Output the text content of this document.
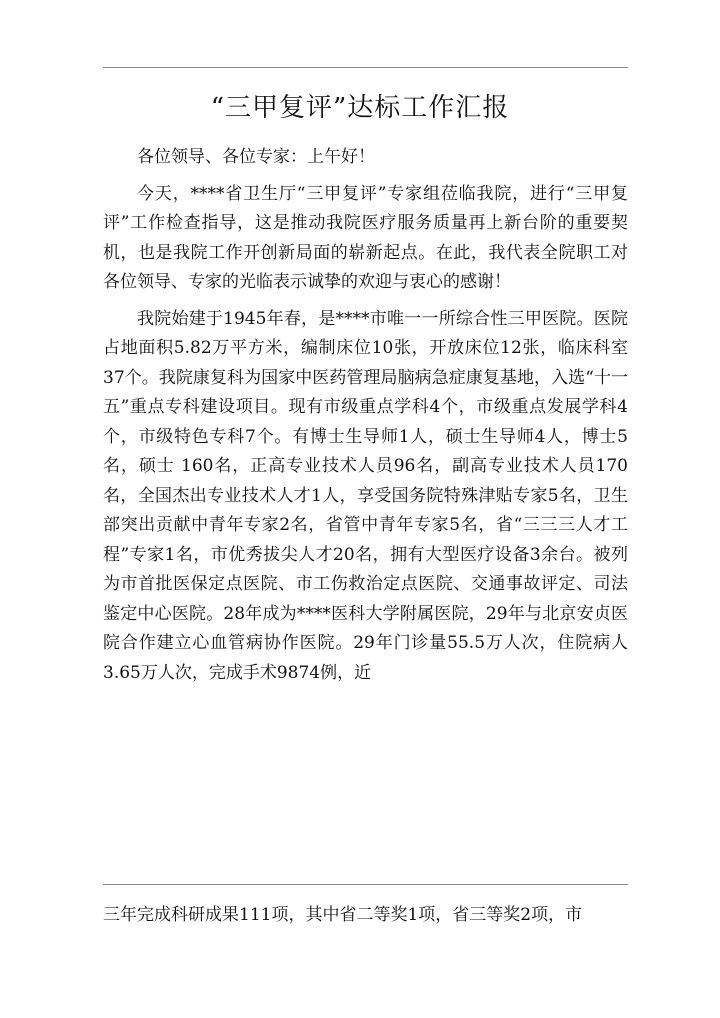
“三甲复评”达标工作汇报

各位领导、各位专家：上午好！

今天，****省卫生厅“三甲复评”专家组莅临我院，进行“三甲复评”工作检查指导，这是推动我院医疗服务质量再上新台阶的重要契机，也是我院工作开创新局面的崭新起点。在此，我代表全院职工对各位领导、专家的光临表示诚挚的欢迎与衷心的感谢！

我院始建于1945年春，是****市唯一一所综合性三甲医院。医院占地面积5.82万平方米，编制床位10张，开放床位12张，临床科室37个。我院康复科为国家中医药管理局脑病急症康复基地，入选“十一五”重点专科建设项目。现有市级重点学科4个，市级重点发展学科4个，市级特色专科7个。有博士生导师1人，硕士生导师4人，博士5名，硕士 160名，正高专业技术人员96名，副高专业技术人员170名，全国杰出专业技术人才1人，享受国务院特殊津贴专家5名，卫生部突出贡献中青年专家2名，省管中青年专家5名，省“三三三人才工程”专家1名，市优秀拔尖人才20名，拥有大型医疗设备3余台。被列为市首批医保定点医院、市工伤救治定点医院、交通事故评定、司法鉴定中心医院。28年成为****医科大学附属医院，29年与北京安贞医院合作建立心血管病协作医院。29年门诊量55.5万人次，住院病人3.65万人次，完成手术9874例，近

三年完成科研成果111项，其中省二等奖1项，省三等奖2项，市
